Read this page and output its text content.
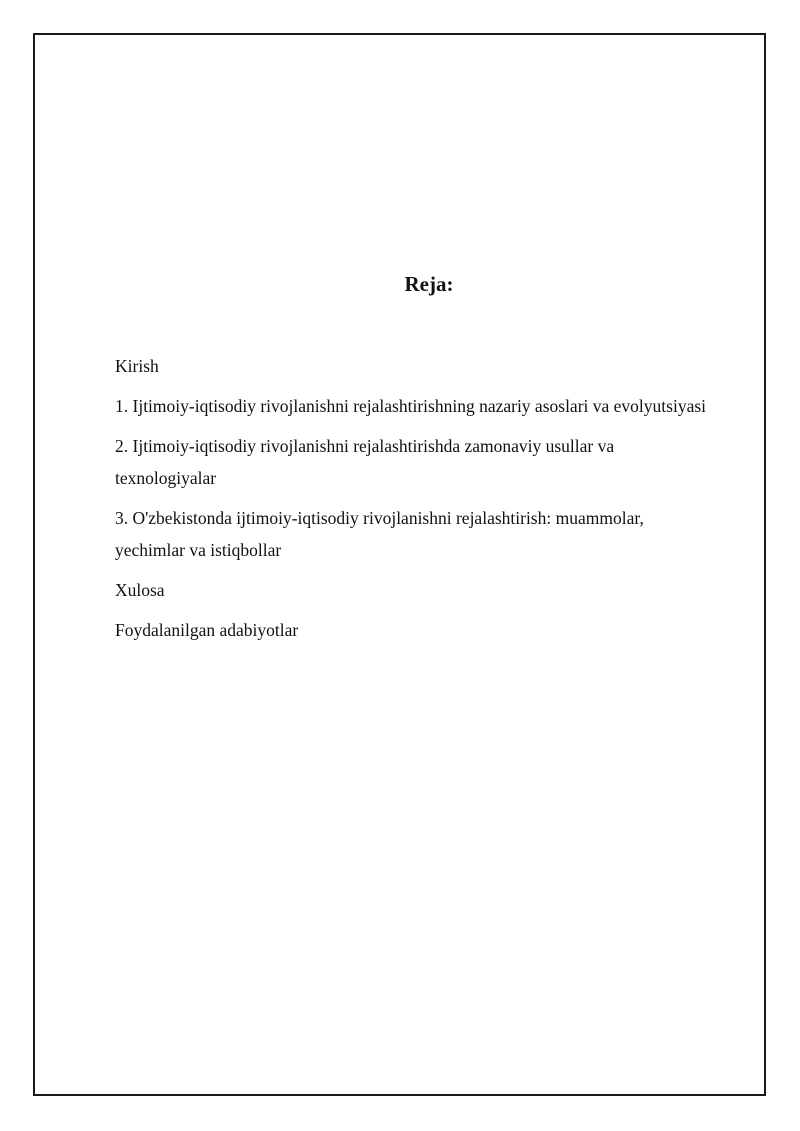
Reja:
Kirish
1. Ijtimoiy-iqtisodiy rivojlanishni rejalashtirishning nazariy asoslari va evolyutsiyasi
2. Ijtimoiy-iqtisodiy rivojlanishni rejalashtirishda zamonaviy usullar va texnologiyalar
3. O'zbekistonda ijtimoiy-iqtisodiy rivojlanishni rejalashtirish: muammolar, yechimlar va istiqbollar
Xulosa
Foydalanilgan adabiyotlar
